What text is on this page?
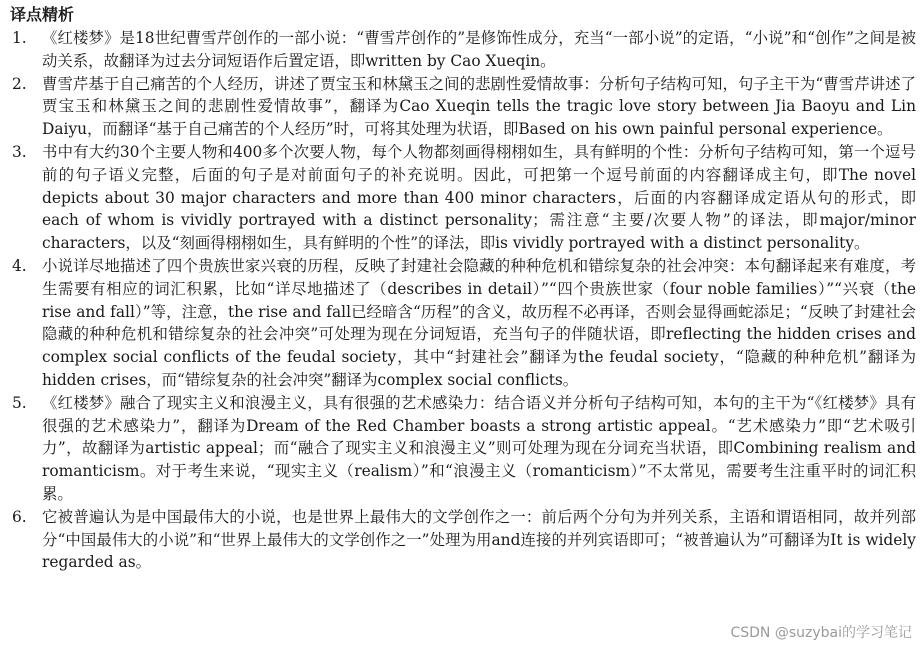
译点精析
1. 《红楼梦》是18世纪曹雪芹创作的一部小说：“曹雪芹创作的”是修饰性成分，充当“一部小说”的定语，“小说”和“创作”之间是被动关系，故翻译为过去分词短语作后置定语，即written by Cao Xueqin。
2. 曹雪芹基于自己痛苦的个人经历，讲述了贾宝玉和林黛玉之间的悲剧性爱情故事：分析句子结构可知，句子主干为“曹雪芹讲述了贾宝玉和林黛玉之间的悲剧性爱情故事”，翻译为Cao Xueqin tells the tragic love story between Jia Baoyu and Lin Daiyu，而翻译“基于自己痛苦的个人经历”时，可将其处理为状语，即Based on his own painful personal experience。
3. 书中有大约30个主要人物和400多个次要人物，每个人物都刻画得栩栩如生，具有鲜明的个性：分析句子结构可知，第一个逗号前的句子语义完整，后面的句子是对前面句子的补充说明。因此，可把第一个逗号前面的内容翻译成主句，即The novel depicts about 30 major characters and more than 400 minor characters，后面的内容翻译成定语从句的形式，即each of whom is vividly portrayed with a distinct personality；需注意“主要/次要人物”的译法，即major/minor characters，以及“刻画得栩栩如生，具有鲜明的个性”的译法，即is vividly portrayed with a distinct personality。
4. 小说详尽地描述了四个贵族世家兴衰的历程，反映了封建社会隐藏的种种危机和错综复杂的社会冲突：本句翻译起来有难度，考生需要有相应的词汇积累，比如“详尽地描述了（describes in detail）”“四个贵族世家（four noble families）”“兴衰（the rise and fall）”等，注意，the rise and fall已经暗含“历程”的含义，故历程不必再译，否则会显得画蛇添足；“反映了封建社会隐藏的种种危机和错综复杂的社会冲突”可处理为现在分词短语，充当句子的伴随状语，即reflecting the hidden crises and complex social conflicts of the feudal society，其中“封建社会”翻译为the feudal society，“隐藏的种种危机”翻译为hidden crises，而“错综复杂的社会冲突”翻译为complex social conflicts。
5. 《红楼梦》融合了现实主义和浪漫主义，具有很强的艺术感染力：结合语义并分析句子结构可知，本句的主干为“《红楼梦》具有很强的艺术感染力”，翻译为Dream of the Red Chamber boasts a strong artistic appeal。“艺术感染力”即“艺术吸引力”，故翻译为artistic appeal；而“融合了现实主义和浪漫主义”则可处理为现在分词充当状语，即Combining realism and romanticism。对于考生来说，“现实主义（realism）”和“浪漫主义（romanticism）”不太常见，需要考生注重平时的词汇积累。
6. 它被普遍认为是中国最伟大的小说，也是世界上最伟大的文学创作之一：前后两个分句为并列关系，主语和谓语相同，故并列部分“中国最伟大的小说”和“世界上最伟大的文学创作之一”处理为用and连接的并列宾语即可；“被普遍认为”可翻译为It is widely regarded as。
CSDN @suzybai的学习笔记
